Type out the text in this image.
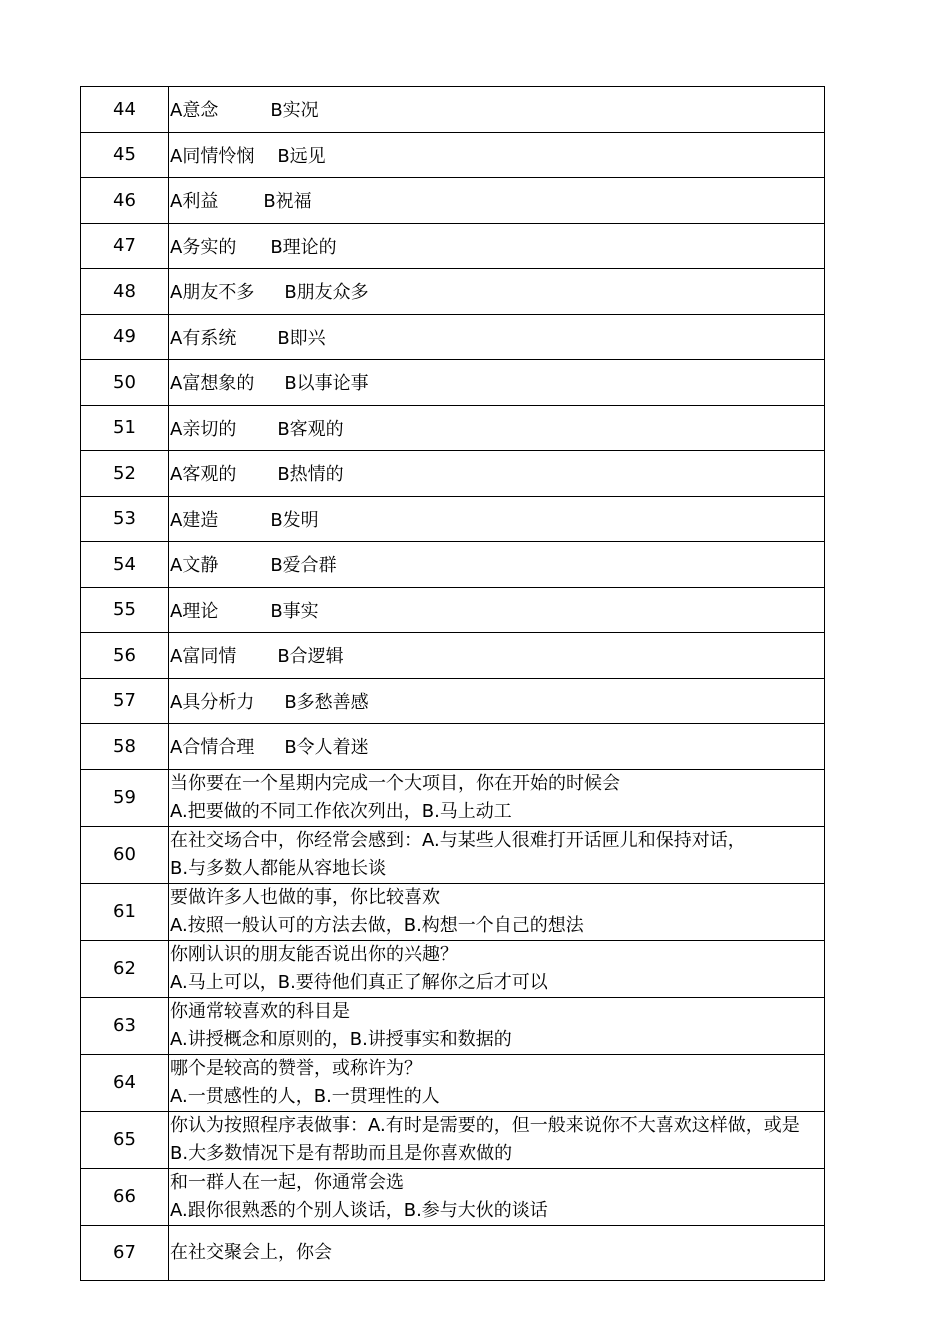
44	A意念 B实况
45	A同情怜悯 B远见
46	A利益 B祝福
47	A务实的 B理论的
48	A朋友不多 B朋友众多
49	A有系统 B即兴
50	A富想象的 B以事论事
51	A亲切的 B客观的
52	A客观的 B热情的
53	A建造 B发明
54	A文静 B爱合群
55	A理论 B事实
56	A富同情 B合逻辑
57	A具分析力 B多愁善感
58	A合情合理 B令人着迷
59	当你要在一个星期内完成一个大项目，你在开始的时候会
A.把要做的不同工作依次列出，B.马上动工

60	在社交场合中，你经常会感到：A.与某些人很难打开话匣儿和保持对话，
B.与多数人都能从容地长谈

61	要做许多人也做的事，你比较喜欢
A.按照一般认可的方法去做，B.构想一个自己的想法

62	你刚认识的朋友能否说出你的兴趣？
A.马上可以，B.要待他们真正了解你之后才可以

63	你通常较喜欢的科目是
A.讲授概念和原则的，B.讲授事实和数据的

64	哪个是较高的赞誉，或称许为？
A.一贯感性的人，B.一贯理性的人

65	你认为按照程序表做事：A.有时是需要的，但一般来说你不大喜欢这样做，或是
B.大多数情况下是有帮助而且是你喜欢做的

66	和一群人在一起，你通常会选
A.跟你很熟悉的个别人谈话，B.参与大伙的谈话

67	在社交聚会上，你会
